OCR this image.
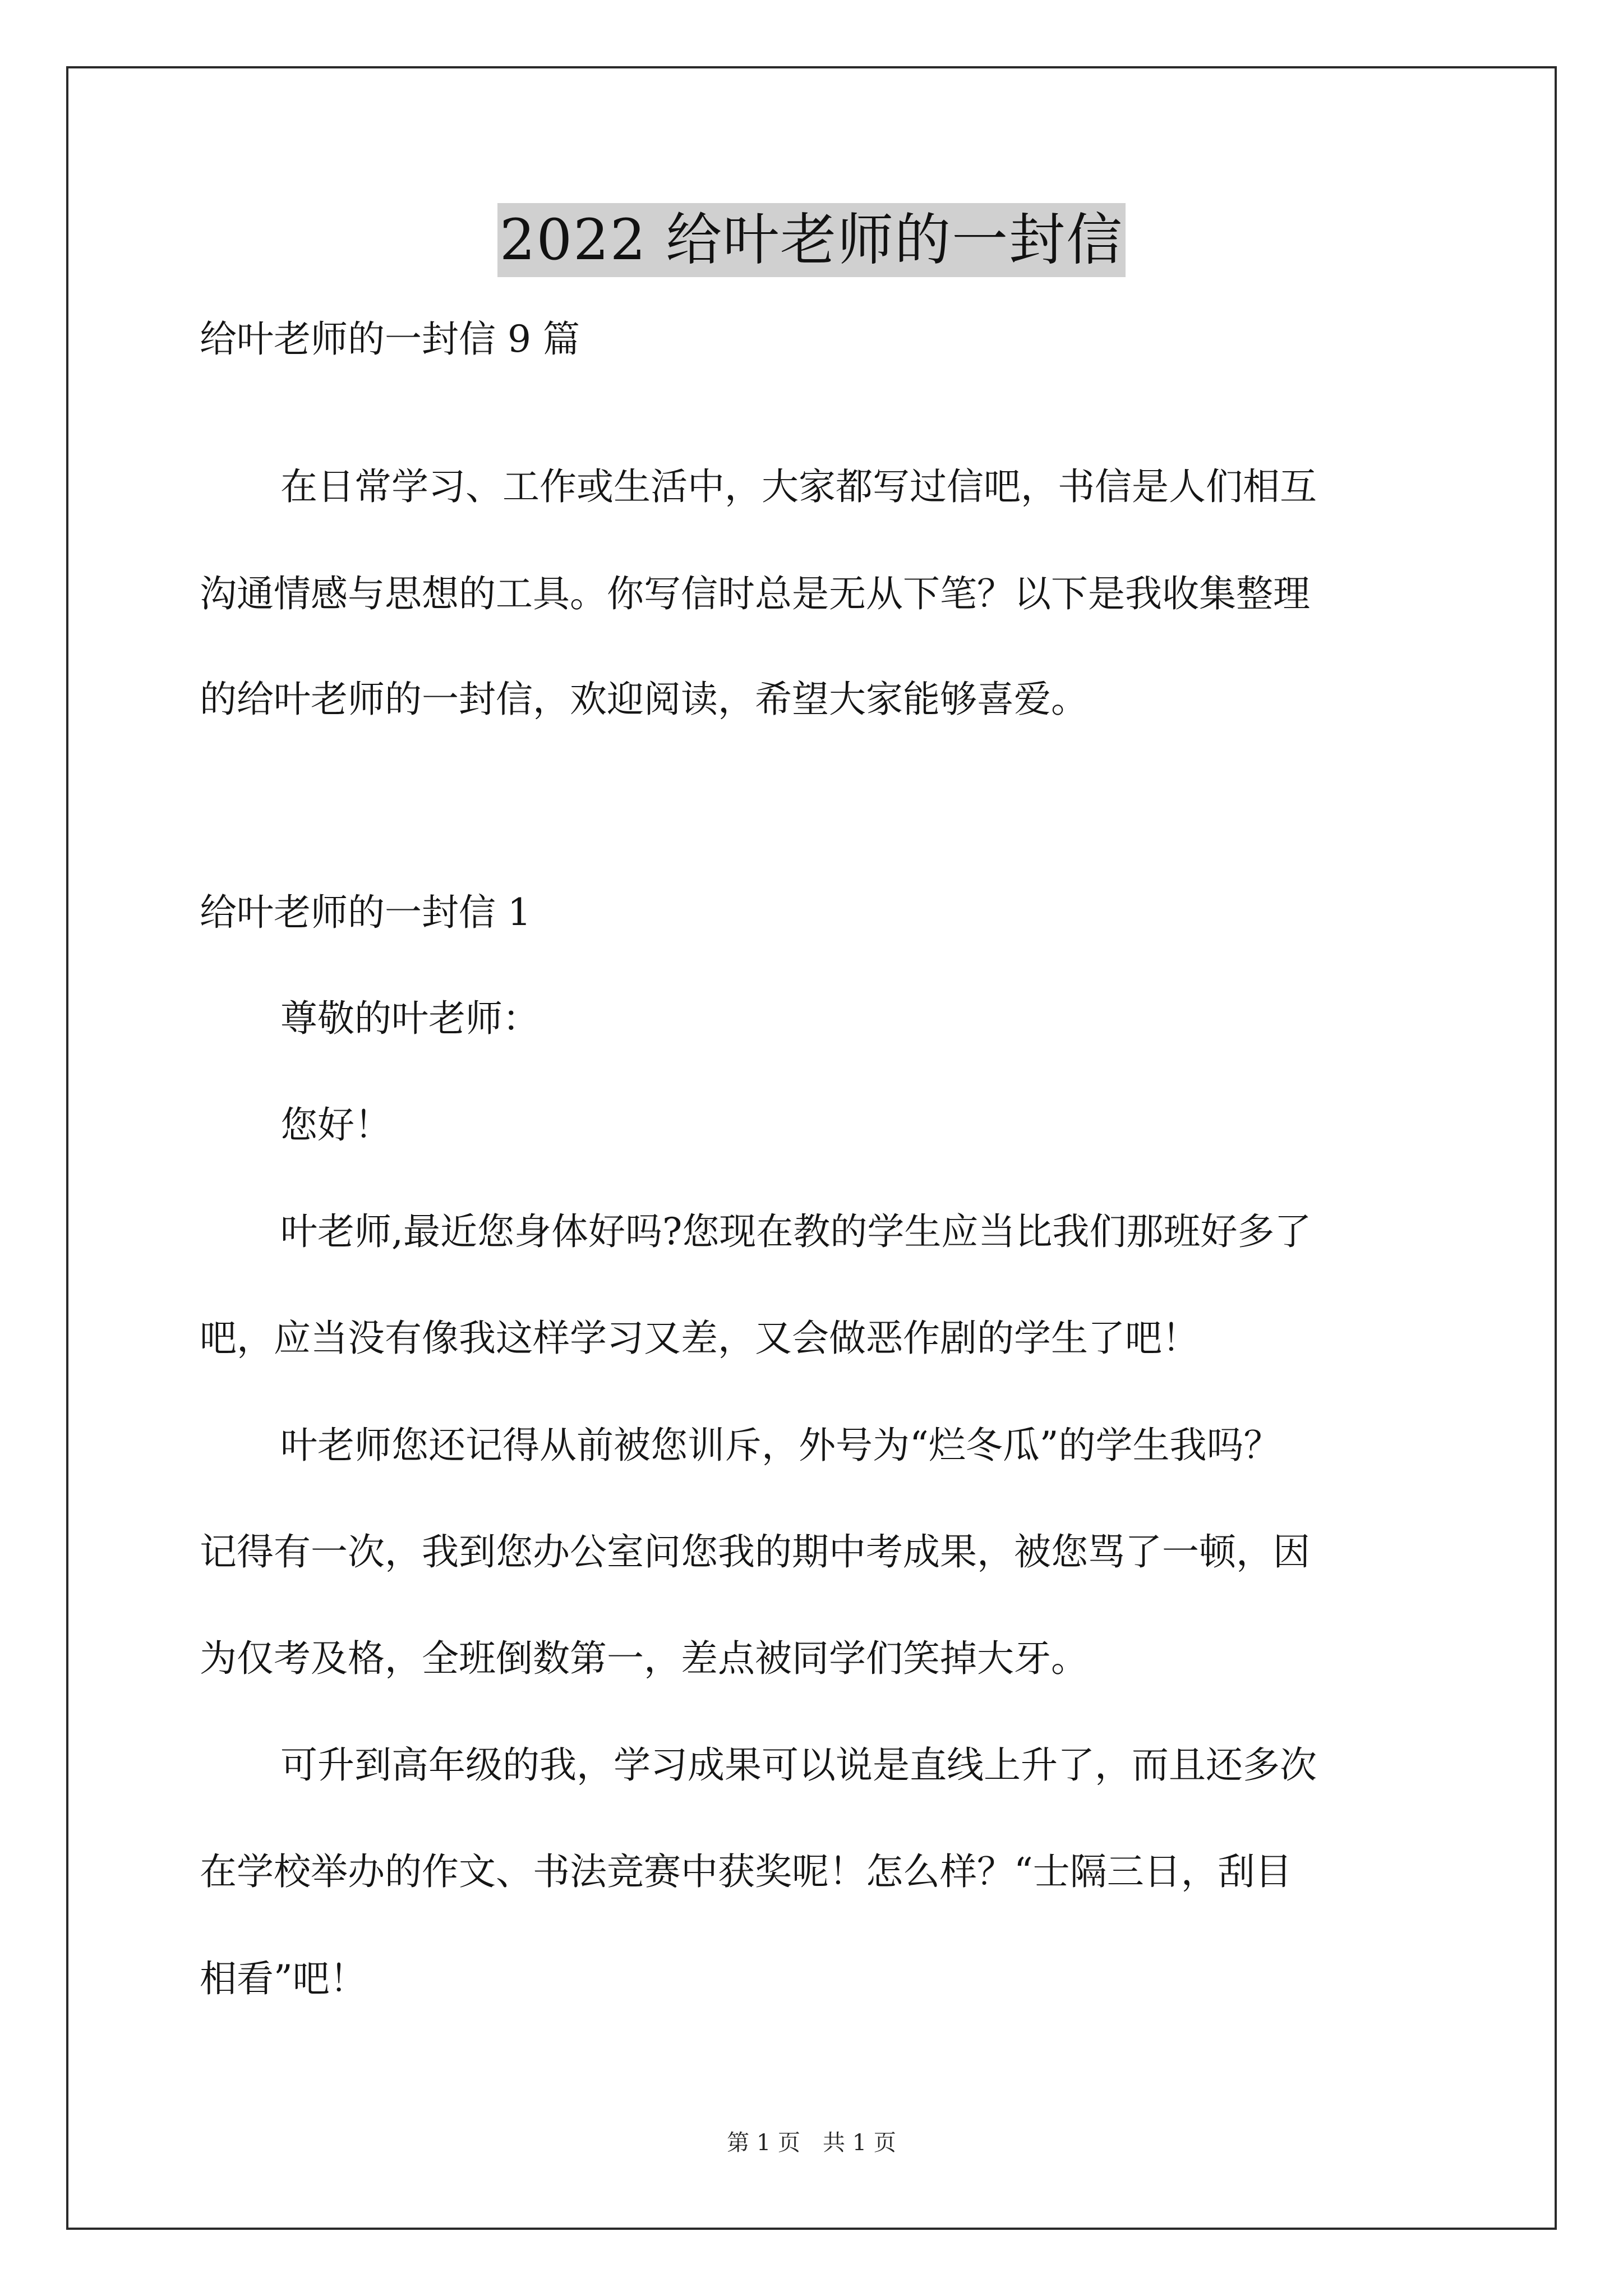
2022 给叶老师的一封信
给叶老师的一封信 9 篇
在日常学习、工作或生活中，大家都写过信吧，书信是人们相互
沟通情感与思想的工具。你写信时总是无从下笔？以下是我收集整理
的给叶老师的一封信，欢迎阅读，希望大家能够喜爱。
给叶老师的一封信 1
尊敬的叶老师：
您好！
叶老师,最近您身体好吗?您现在教的学生应当比我们那班好多了
吧，应当没有像我这样学习又差，又会做恶作剧的学生了吧！
叶老师您还记得从前被您训斥，外号为“烂冬瓜”的学生我吗？
记得有一次，我到您办公室问您我的期中考成果，被您骂了一顿，因
为仅考及格，全班倒数第一，差点被同学们笑掉大牙。
可升到高年级的我，学习成果可以说是直线上升了，而且还多次
在学校举办的作文、书法竞赛中获奖呢！怎么样？“士隔三日，刮目
相看”吧！
第 1 页　共 1 页
